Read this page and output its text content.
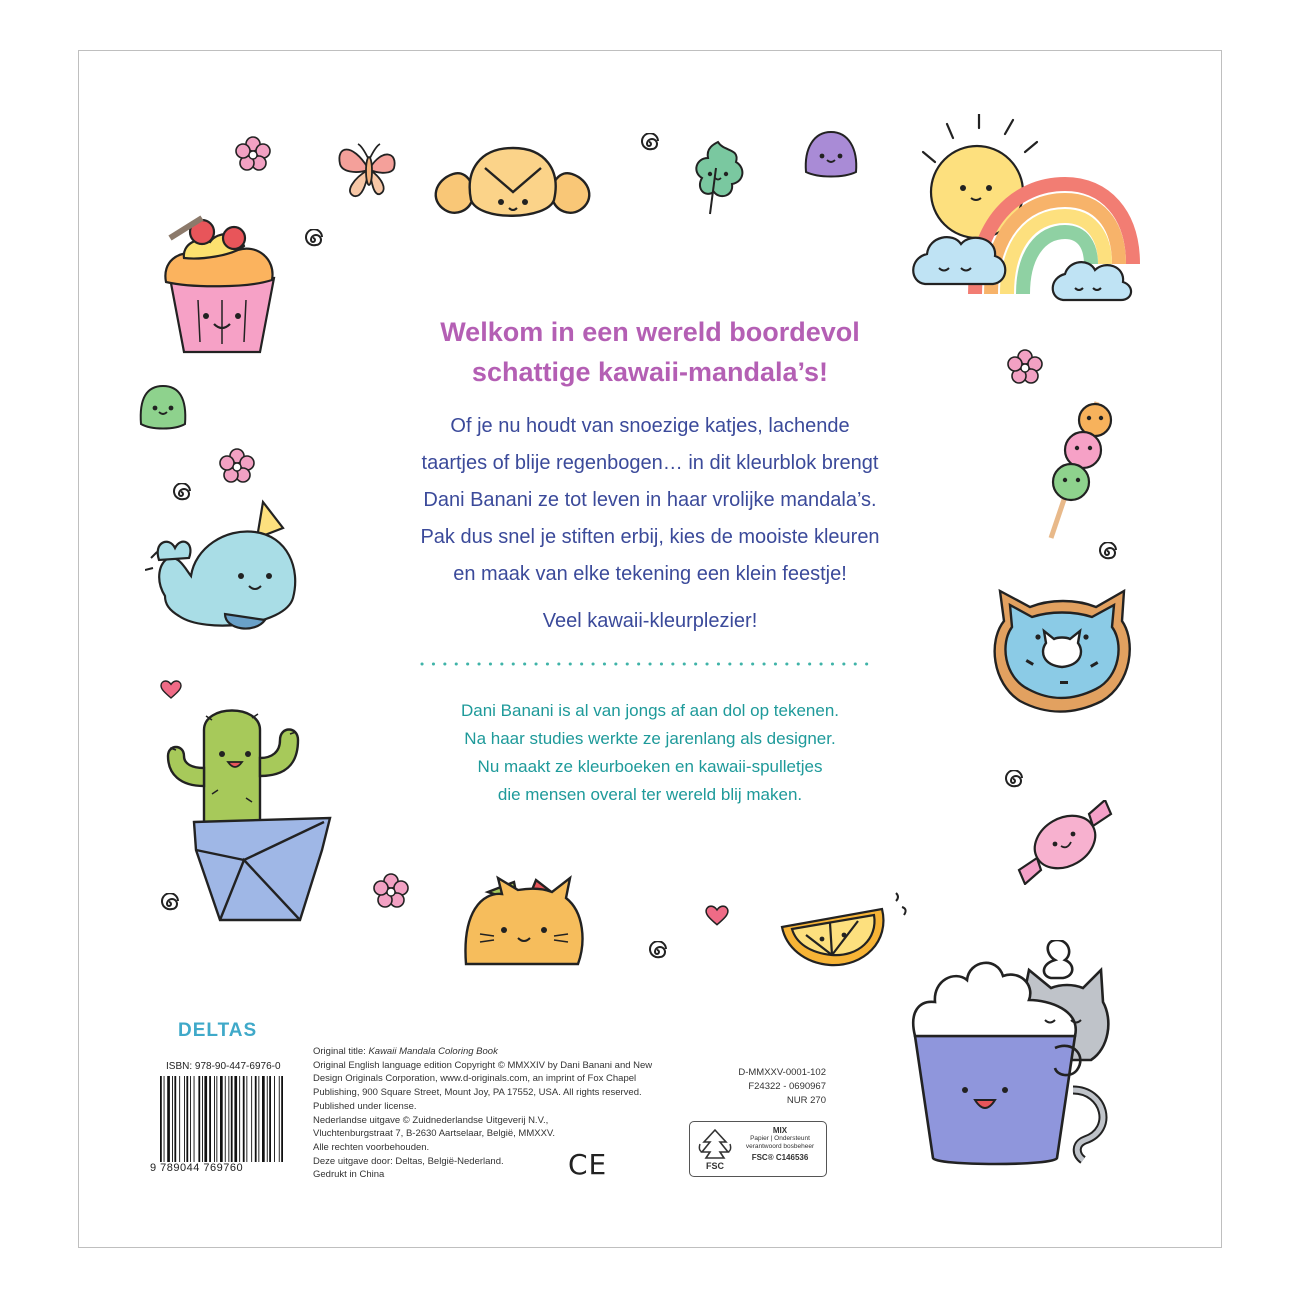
Welkom in een wereld boordevol
schattige kawaii-mandala’s!
Of je nu houdt van snoezige katjes, lachende
taartjes of blije regenbogen… in dit kleurblok brengt
Dani Banani ze tot leven in haar vrolijke mandala’s.
Pak dus snel je stiften erbij, kies de mooiste kleuren
en maak van elke tekening een klein feestje!
Veel kawaii-kleurplezier!
Dani Banani is al van jongs af aan dol op tekenen.
Na haar studies werkte ze jarenlang als designer.
Nu maakt ze kleurboeken en kawaii-spulletjes
die mensen overal ter wereld blij maken.
DELTAS
ISBN: 978-90-447-6976-0
9 789044 769760
Original title: Kawaii Mandala Coloring Book
Original English language edition Copyright © MMXXIV by Dani Banani and New
Design Originals Corporation, www.d-originals.com, an imprint of Fox Chapel
Publishing, 900 Square Street, Mount Joy, PA 17552, USA. All rights reserved.
Published under license.
Nederlandse uitgave © Zuidnederlandse Uitgeverij N.V.,
Vluchtenburgstraat 7, B-2630 Aartselaar, België, MMXXV.
Alle rechten voorbehouden.
Deze uitgave door: Deltas, België-Nederland.
Gedrukt in China
D-MMXXV-0001-102
F24322 - 0690967
NUR 270
CE	FSC
MIX
Papier | Ondersteunt
verantwoord bosbeheer
FSC® C146536
